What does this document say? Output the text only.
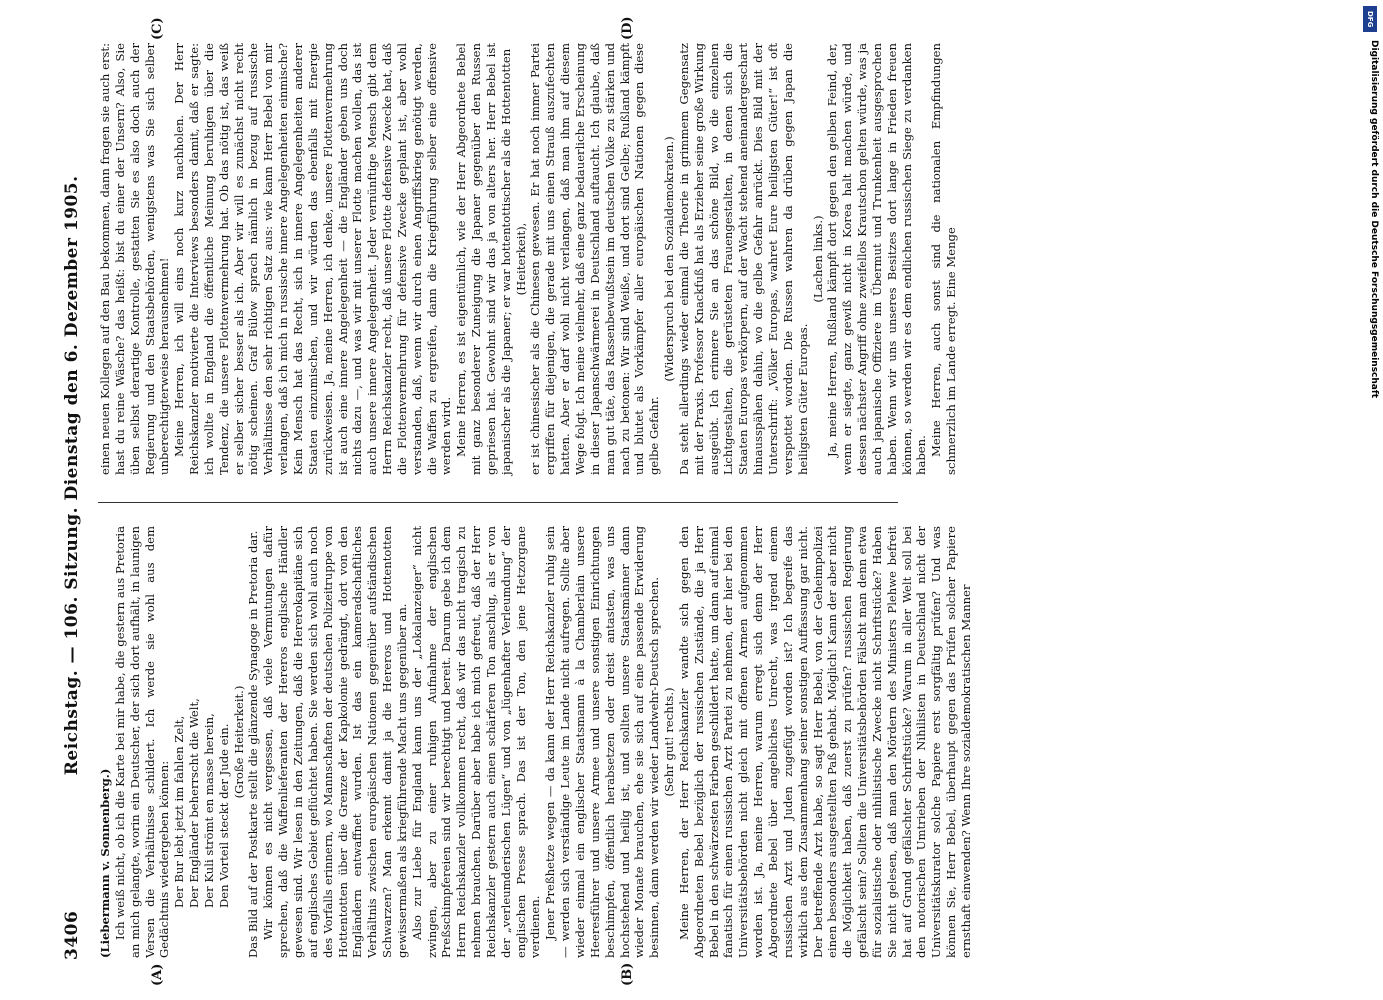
3406
Reichstag. — 106. Sitzung. Dienstag den 6. Dezember 1905.
(A)	(B)
(C)	(D)

(Liebermann v. Sonnenberg.) Ich weiß nicht, ob ich die Karte bei mir habe, die gestern aus Pretoria an mich gelangte, worin ein Deutscher, der sich dort aufhält, in launigen Versen die Verhältnisse schildert. Ich werde sie wohl aus dem Gedächtnis wiedergeben können: Der Bur lebt jetzt im fahlen Zelt, Der Engländer beherrscht die Welt, Der Kuli strömt en masse herein, Den Vorteil steckt der Jude ein. (Große Heiterkeit.) Das Bild auf der Postkarte stellt die glänzende Synagoge in Pretoria dar. Wir können es nicht vergessen, daß viele Vermutungen dafür sprechen, daß die Waffenlieferanten der Hereros englische Händler gewesen sind. Wir lesen in den Zeitungen, daß die Hererokapitäne sich auf englisches Gebiet geflüchtet haben. Sie werden sich wohl auch noch des Vorfalls erinnern, wo Mannschaften der deutschen Polizeitruppe von Hottentotten über die Grenze der Kapkolonie gedrängt, dort von den Engländern entwaffnet wurden. Ist das ein kameradschaftliches Verhältnis zwischen europäischen Nationen gegenüber aufständischen Schwarzen? Man erkennt damit ja die Hereros und Hottentotten gewissermaßen als kriegführende Macht uns gegenüber an. Also zur Liebe für England kann uns der „Lokalanzeiger“ nicht zwingen, aber zu einer ruhigen Aufnahme der englischen Preßschimpfereien sind wir berechtigt und bereit. Darum gebe ich dem Herrn Reichskanzler vollkommen recht, daß wir das nicht tragisch zu nehmen brauchen. Darüber aber habe ich mich gefreut, daß der Herr Reichskanzler gestern auch einen schärferen Ton anschlug, als er von der „verleumderischen Lügen“ und von „lügenhafter Verleumdung“ der englischen Presse sprach. Das ist der Ton, den jene Hetzorgane verdienen. Jener Preßhetze wegen — da kann der Herr Reichskanzler ruhig sein — werden sich verständige Leute im Lande nicht aufregen. Sollte aber wieder einmal ein englischer Staatsmann à la Chamberlain unsere Heeresführer und unsere Armee und unsere sonstigen Einrichtungen beschimpfen, öffentlich herabsetzen oder dreist antasten, was uns hochstehend und heilig ist, und sollten unsere Staatsmänner dann wieder Monate brauchen, ehe sie sich auf eine passende Erwiderung besinnen, dann werden wir wieder Landwehr-Deutsch sprechen. (Sehr gut! rechts.) Meine Herren, der Herr Reichskanzler wandte sich gegen den Abgeordneten Bebel bezüglich der russischen Zustände, die ja Herr Bebel in den schwärzesten Farben geschildert hatte, um dann auf einmal fanatisch für einen russischen Arzt Partei zu nehmen, der hier bei den Universitätsbehörden nicht gleich mit offenen Armen aufgenommen worden ist. Ja, meine Herren, warum erregt sich denn der Herr Abgeordnete Bebel über angebliches Unrecht, was irgend einem russischen Arzt und Juden zugefügt worden ist? Ich begreife das wirklich aus dem Zusammenhang seiner sonstigen Auffassung gar nicht. Der betreffende Arzt habe, so sagt Herr Bebel, von der Geheimpolizei einen besonders ausgestellten Paß gehabt. Möglich! Kann der aber nicht die Möglichkeit haben, daß zuerst zu prüfen? russischen Regierung gefälscht sein? Sollten die Universitätsbehörden Fälscht man denn etwa für sozialistische oder nihilistische Zwecke nicht Schriftstücke? Haben Sie nicht gelesen, daß man den Mördern des Ministers Plehwe befreit hat auf Grund gefälschter Schriftstücke? Warum in aller Welt soll bei den notorischen Umtrieben der Nihilisten in Deutschland nicht der Universitätskurator solche Papiere erst sorgfältig prüfen? Und was können Sie, Herr Bebel, überhaupt gegen das Prüfen solcher Papiere ernsthaft einwenden? Wenn Ihre sozialdemokratischen Manner

einen neuen Kollegen auf den Bau bekommen, dann fragen sie auch erst: hast du reine Wäsche? das heißt: bist du einer der Unsern? Also, Sie üben selbst derartige Kontrolle, gestatten Sie es also doch auch der Regierung und den Staatsbehörden, wenigstens was Sie sich selber unberechtigterweise herausnehmen! Meine Herren, ich will eins noch kurz nachholen. Der Herr Reichskanzler motivierte die Interviews besonders damit, daß er sagte: ich wollte in England die öffentliche Meinung beruhigen über die Tendenz, die unsere Flottenvermehrung hat. Ob das nötig ist, das weiß er selber sicher besser als ich. Aber wir will es zunächst nicht recht nötig scheinen. Graf Bülow sprach nämlich in bezug auf russische Verhältnisse den sehr richtigen Satz aus: wie kann Herr Bebel von mir verlangen, daß ich mich in russische innere Angelegenheiten einmische? Kein Mensch hat das Recht, sich in innere Angelegenheiten anderer Staaten einzumischen, und wir würden das ebenfalls mit Energie zurückweisen. Ja, meine Herren, ich denke, unsere Flottenvermehrung ist auch eine innere Angelegenheit — die Engländer geben uns doch nichts dazu —, und was wir mit unserer Flotte machen wollen, das ist auch unsere innere Angelegenheit. Jeder vernünftige Mensch gibt dem Herrn Reichskanzler recht, daß unsere Flotte defensive Zwecke hat, daß die Flottenvermehrung für defensive Zwecke geplant ist, aber wohl verstanden, daß, wenn wir durch einen Angriffskrieg genötigt werden, die Waffen zu ergreifen, dann die Kriegführung selber eine offensive werden wird. Meine Herren, es ist eigentümlich, wie der Herr Abgeordnete Bebel mit ganz besonderer Zuneigung die Japaner gegenüber den Russen gepriesen hat. Gewohnt sind wir das ja von alters her. Herr Bebel ist japanischer als die Japaner; er war hottentottischer als die Hottentotten (Heiterkeit), er ist chinesischer als die Chinesen gewesen. Er hat noch immer Partei ergriffen für diejenigen, die gerade mit uns einen Strauß auszufechten hatten. Aber er darf wohl nicht verlangen, daß man ihm auf diesem Wege folgt. Ich meine vielmehr, daß eine ganz bedauerliche Erscheinung in dieser Japanschwärmerei in Deutschland auftaucht. Ich glaube, daß man gut täte, das Rassenbewußtsein im deutschen Volke zu stärken und nach zu betonen: Wir sind Weiße, und dort sind Gelbe; Rußland kämpft und blutet als Vorkämpfer aller europäischen Nationen gegen diese gelbe Gefahr.

(Widerspruch bei den Sozialdemokraten.) Da steht allerdings wieder einmal die Theorie in grimmem Gegensatz mit der Praxis. Professor Knackfuß hat als Erzieher seine große Wirkung ausgeübt. Ich erinnere Sie an das schöne Bild, wo die einzelnen Lichtgestalten, die gerüsteten Frauengestalten, in denen sich die Staaten Europas verkörpern, auf der Wacht stehend aneinandergeschart hinausspähen dahin, wo die gelbe Gefahr anrückt. Dies Bild mit der Unterschrift: „Völker Europas, wahret Eure heiligsten Güter!“ ist oft verspottet worden. Die Russen wahren da drüben gegen Japan die heiligsten Güter Europas.

(Lachen links.) Ja, meine Herren, Rußland kämpft dort gegen den gelben Feind, der, wenn er siegte, ganz gewiß nicht in Korea halt machen würde, und dessen nächster Angriff ohne zweifellos Krautschon gelten würde, was ja auch japanische Offiziere im Übermut und Trunkenheit ausgesprochen haben. Wenn wir uns unseres Besitzes dort lange in Frieden freuen können, so werden wir es dem endlichen russischen Siege zu verdanken haben. Meine Herren, auch sonst sind die nationalen Empfindungen schmerzlich im Lande erregt. Eine Menge

DFG
Digitalisierung gefördert durch die Deutsche Forschungsgemeinschaft
